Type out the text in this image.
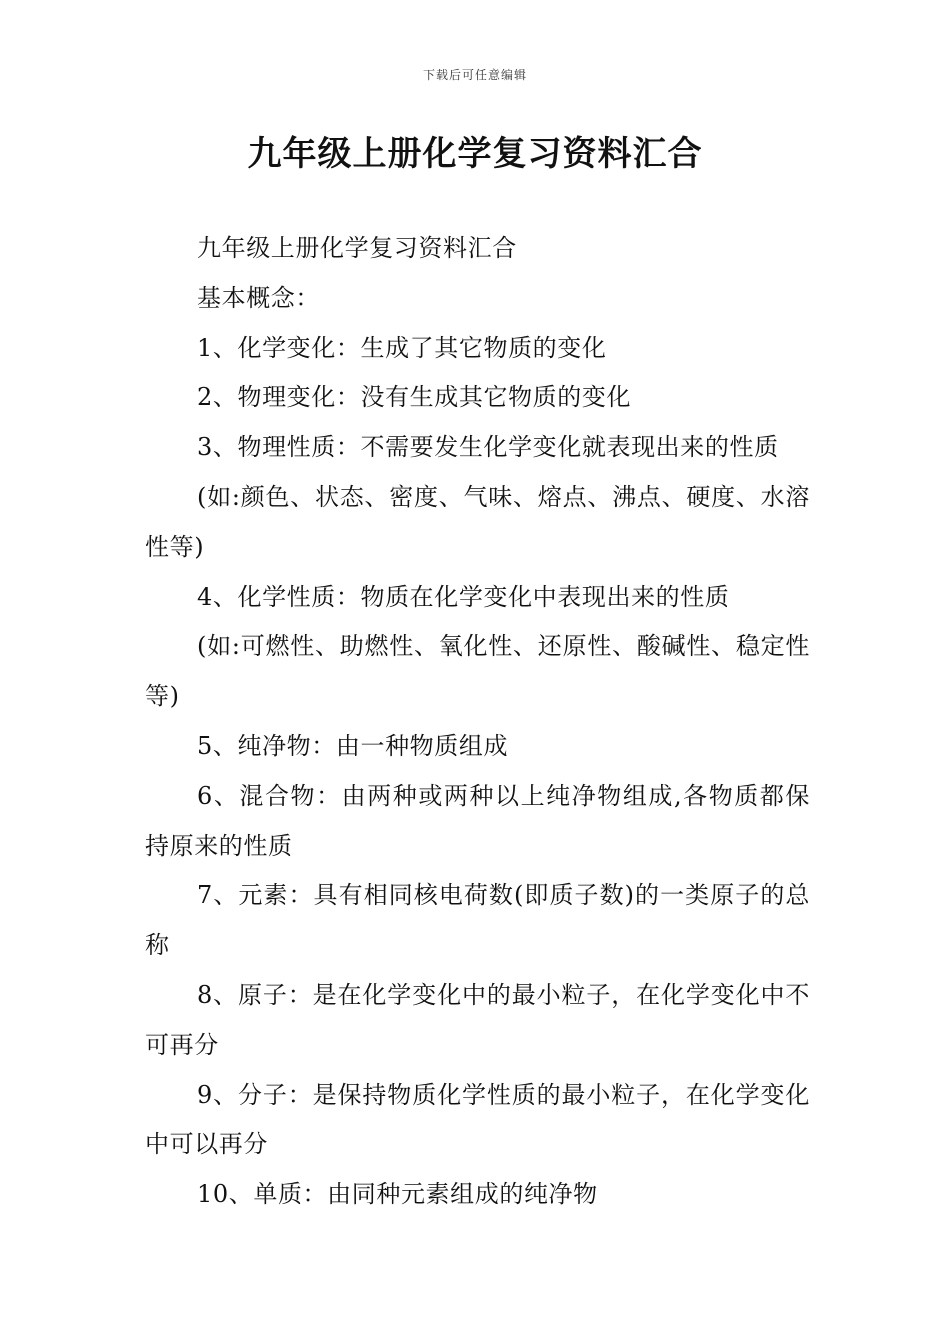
下载后可任意编辑
九年级上册化学复习资料汇合

九年级上册化学复习资料汇合

基本概念：

1、化学变化：生成了其它物质的变化

2、物理变化：没有生成其它物质的变化

3、物理性质：不需要发生化学变化就表现出来的性质

(如:颜色、状态、密度、气味、熔点、沸点、硬度、水溶性等)

4、化学性质：物质在化学变化中表现出来的性质

(如:可燃性、助燃性、氧化性、还原性、酸碱性、稳定性等)

5、纯净物：由一种物质组成

6、混合物：由两种或两种以上纯净物组成,各物质都保持原来的性质

7、元素：具有相同核电荷数(即质子数)的一类原子的总称

8、原子：是在化学变化中的最小粒子，在化学变化中不可再分

9、分子：是保持物质化学性质的最小粒子，在化学变化中可以再分

10、单质：由同种元素组成的纯净物
